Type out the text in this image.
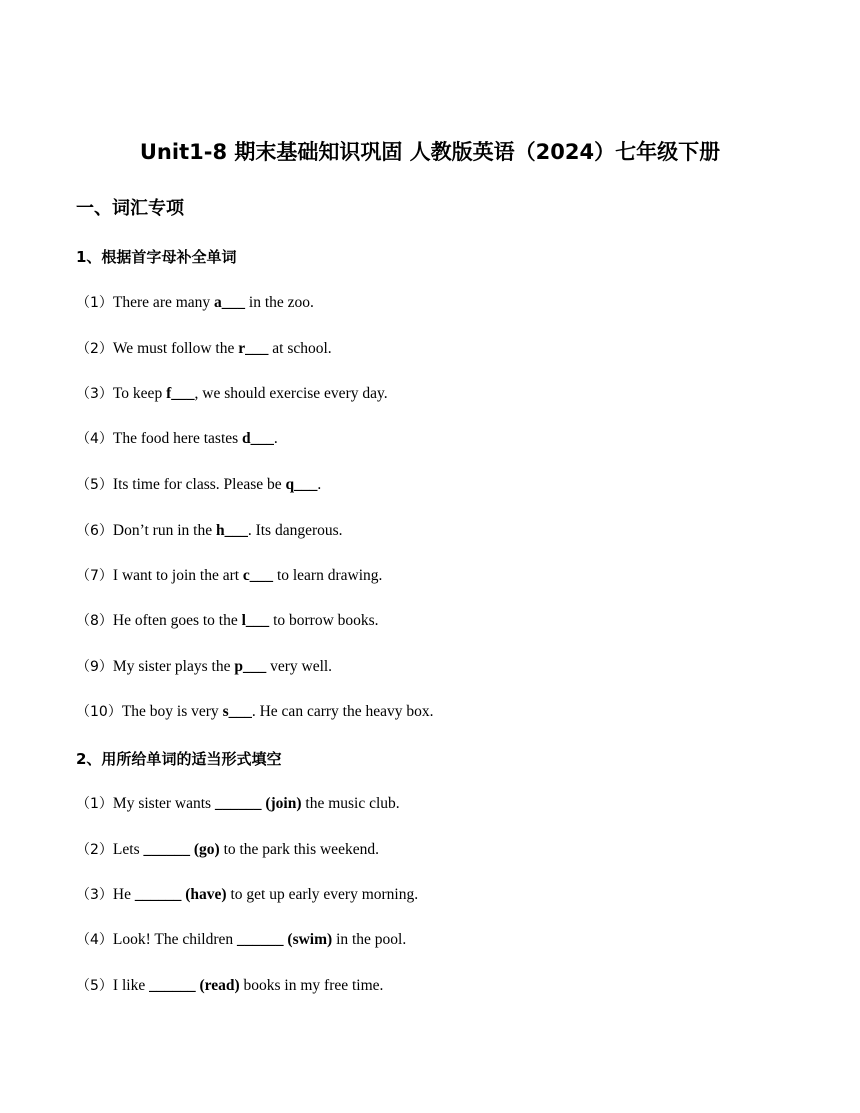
Unit1-8 期末基础知识巩固 人教版英语（2024）七年级下册
一、词汇专项
1、根据首字母补全单词

（1）There are many a___ in the zoo.

（2）We must follow the r___ at school.

（3）To keep f___, we should exercise every day.

（4）The food here tastes d___.

（5）Its time for class. Please be q___.

（6）Don’t run in the h___. Its dangerous.

（7）I want to join the art c___ to learn drawing.

（8）He often goes to the l___ to borrow books.

（9）My sister plays the p___ very well.

（10）The boy is very s___. He can carry the heavy box.

2、用所给单词的适当形式填空

（1）My sister wants ______ (join) the music club.

（2）Lets ______ (go) to the park this weekend.

（3）He ______ (have) to get up early every morning.

（4）Look! The children ______ (swim) in the pool.

（5）I like ______ (read) books in my free time.
